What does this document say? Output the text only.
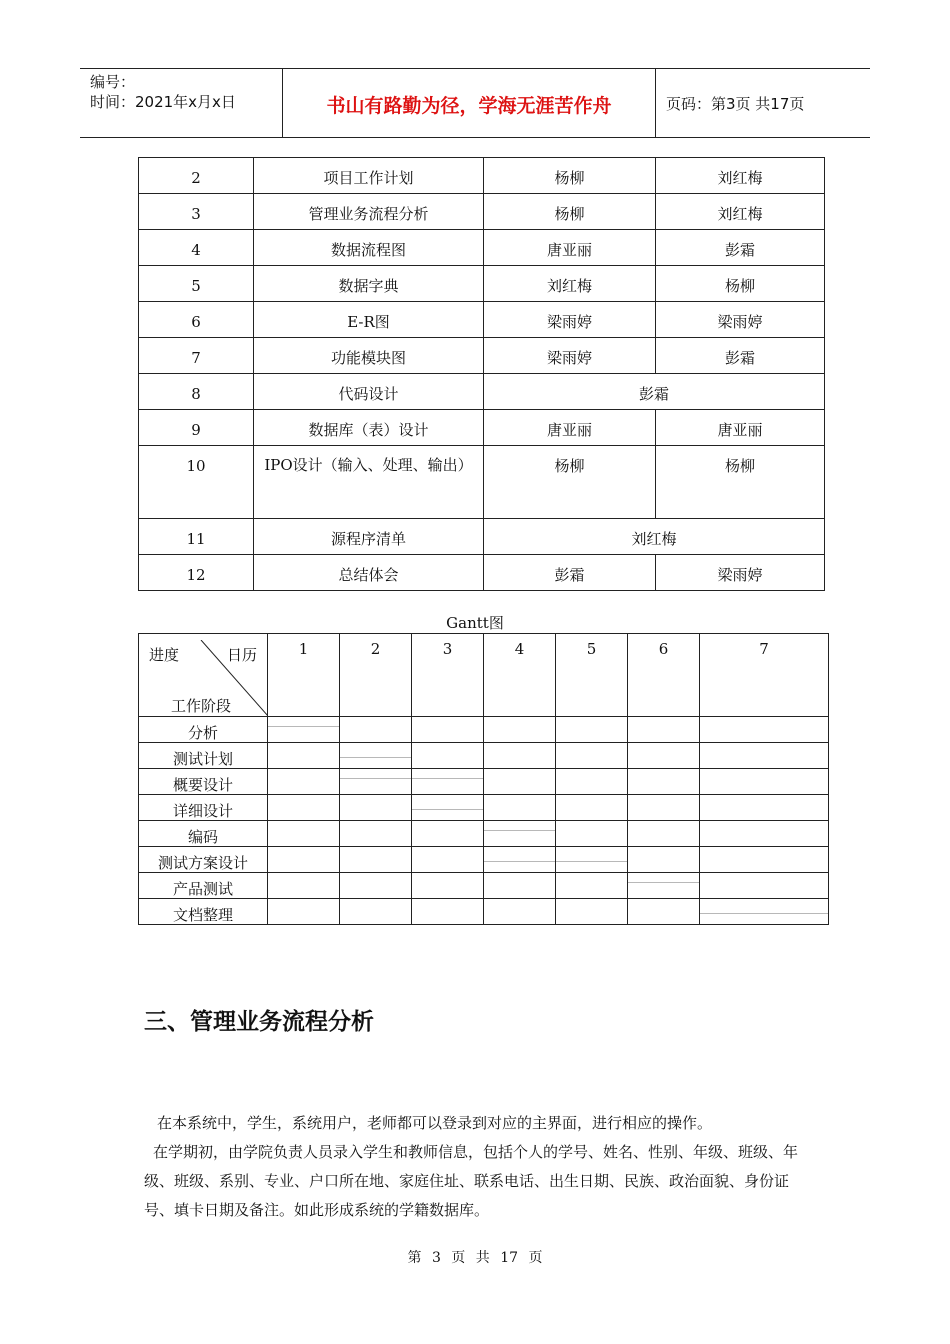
编号：
时间：2021年x月x日	书山有路勤为径，学海无涯苦作舟	页码：第3页 共17页
2	项目工作计划	杨柳	刘红梅
3	管理业务流程分析	杨柳	刘红梅
4	数据流程图	唐亚丽	彭霜
5	数据字典	刘红梅	杨柳
6	E-R图	梁雨婷	梁雨婷
7	功能模块图	梁雨婷	彭霜
8	代码设计	彭霜	
9	数据库（表）设计	唐亚丽	唐亚丽
10	IPO设计（输入、处理、输出）	杨柳	杨柳
11	源程序清单	刘红梅	
12	总结体会	彭霜	梁雨婷
Gantt图
进度 日历
工作阶段	1	2	3	4	5	6	7
分析	

测试计划		

概要设计		

详细设计			

编码				

测试方案设计				

产品测试						

文档整理							
三、管理业务流程分析

在本系统中，学生，系统用户，老师都可以登录到对应的主界面，进行相应的操作。

在学期初，由学院负责人员录入学生和教师信息，包括个人的学号、姓名、性别、年级、班级、年级、班级、系别、专业、户口所在地、家庭住址、联系电话、出生日期、民族、政治面貌、身份证号、填卡日期及备注。如此形成系统的学籍数据库。

第 3 页 共 17 页
